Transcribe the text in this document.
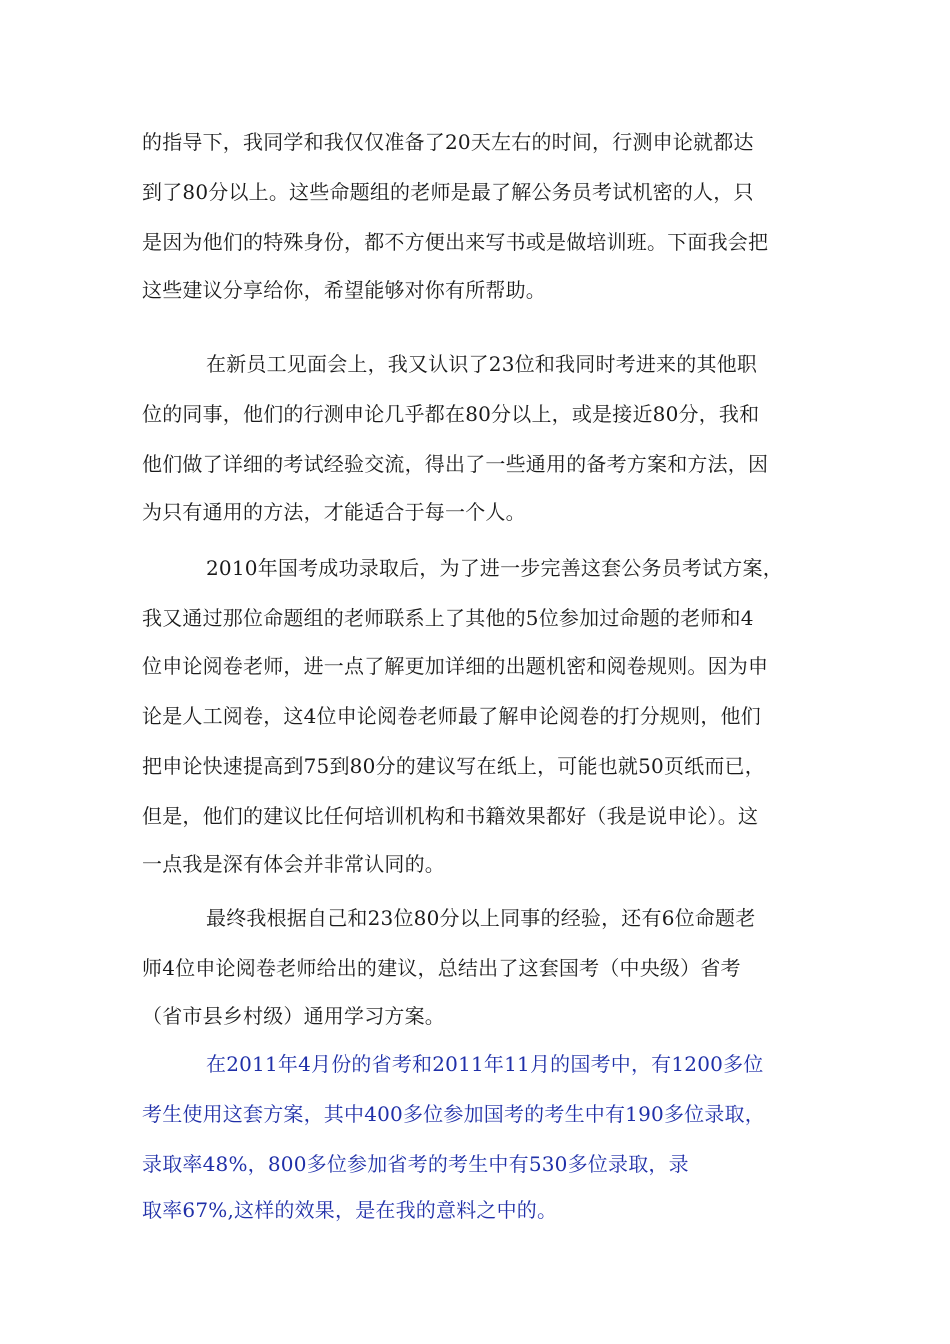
的指导下，我同学和我仅仅准备了20天左右的时间，行测申论就都达
到了80分以上。这些命题组的老师是最了解公务员考试机密的人，只
是因为他们的特殊身份，都不方便出来写书或是做培训班。下面我会把
这些建议分享给你，希望能够对你有所帮助。
在新员工见面会上，我又认识了23位和我同时考进来的其他职
位的同事，他们的行测申论几乎都在80分以上，或是接近80分，我和
他们做了详细的考试经验交流，得出了一些通用的备考方案和方法，因
为只有通用的方法，才能适合于每一个人。
2010年国考成功录取后，为了进一步完善这套公务员考试方案，
我又通过那位命题组的老师联系上了其他的5位参加过命题的老师和4
位申论阅卷老师，进一点了解更加详细的出题机密和阅卷规则。因为申
论是人工阅卷，这4位申论阅卷老师最了解申论阅卷的打分规则，他们
把申论快速提高到75到80分的建议写在纸上，可能也就50页纸而已，
但是，他们的建议比任何培训机构和书籍效果都好（我是说申论）。这
一点我是深有体会并非常认同的。
最终我根据自己和23位80分以上同事的经验，还有6位命题老
师4位申论阅卷老师给出的建议，总结出了这套国考（中央级）省考
（省市县乡村级）通用学习方案。
在2011年4月份的省考和2011年11月的国考中，有1200多位
考生使用这套方案，其中400多位参加国考的考生中有190多位录取，
录取率48%，800多位参加省考的考生中有530多位录取，录
取率67%,这样的效果，是在我的意料之中的。
